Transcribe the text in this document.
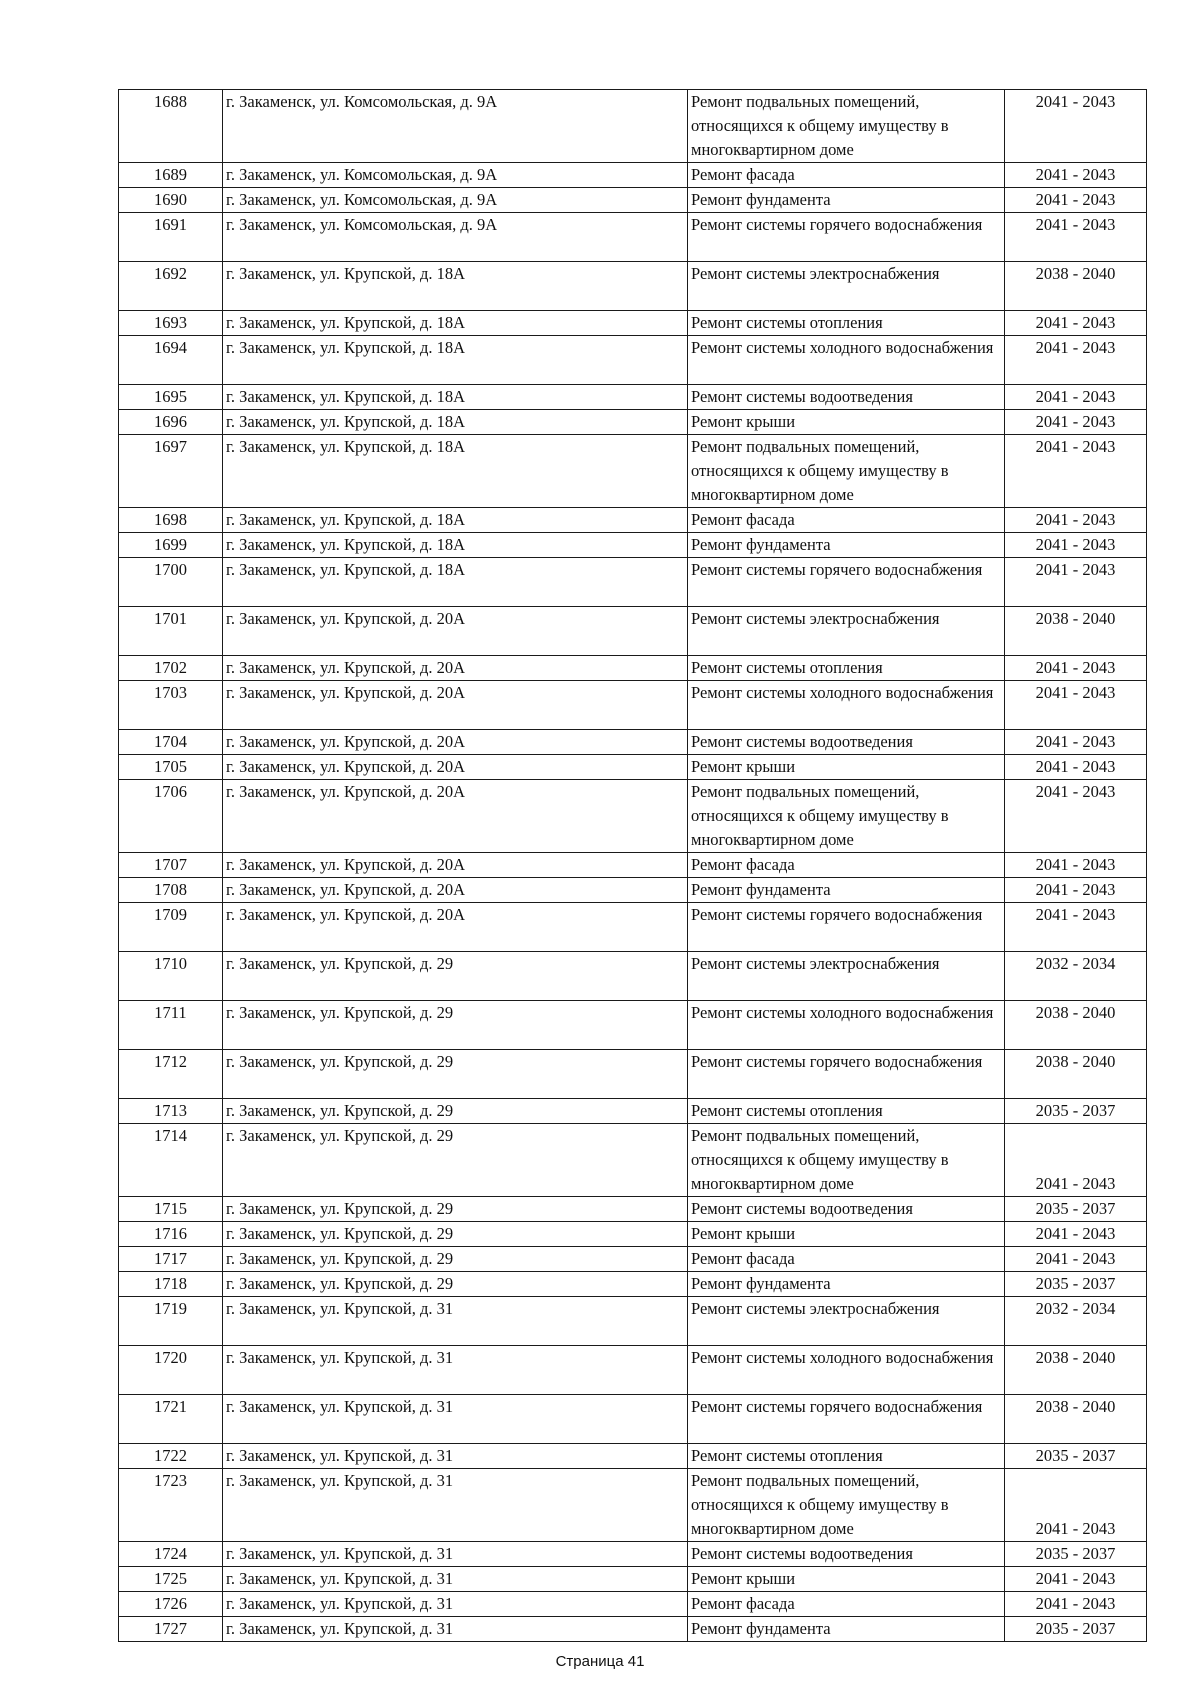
1688	г. Закаменск, ул. Комсомольская, д. 9А	Ремонт подвальных помещений, относящихся к общему имуществу в многоквартирном доме	2041 - 2043
1689	г. Закаменск, ул. Комсомольская, д. 9А	Ремонт фасада	2041 - 2043
1690	г. Закаменск, ул. Комсомольская, д. 9А	Ремонт фундамента	2041 - 2043
1691	г. Закаменск, ул. Комсомольская, д. 9А	Ремонт системы горячего водоснабжения	2041 - 2043
1692	г. Закаменск, ул. Крупской, д. 18А	Ремонт системы электроснабжения	2038 - 2040
1693	г. Закаменск, ул. Крупской, д. 18А	Ремонт системы отопления	2041 - 2043
1694	г. Закаменск, ул. Крупской, д. 18А	Ремонт системы холодного водоснабжения	2041 - 2043
1695	г. Закаменск, ул. Крупской, д. 18А	Ремонт системы водоотведения	2041 - 2043
1696	г. Закаменск, ул. Крупской, д. 18А	Ремонт крыши	2041 - 2043
1697	г. Закаменск, ул. Крупской, д. 18А	Ремонт подвальных помещений, относящихся к общему имуществу в многоквартирном доме	2041 - 2043
1698	г. Закаменск, ул. Крупской, д. 18А	Ремонт фасада	2041 - 2043
1699	г. Закаменск, ул. Крупской, д. 18А	Ремонт фундамента	2041 - 2043
1700	г. Закаменск, ул. Крупской, д. 18А	Ремонт системы горячего водоснабжения	2041 - 2043
1701	г. Закаменск, ул. Крупской, д. 20А	Ремонт системы электроснабжения	2038 - 2040
1702	г. Закаменск, ул. Крупской, д. 20А	Ремонт системы отопления	2041 - 2043
1703	г. Закаменск, ул. Крупской, д. 20А	Ремонт системы холодного водоснабжения	2041 - 2043
1704	г. Закаменск, ул. Крупской, д. 20А	Ремонт системы водоотведения	2041 - 2043
1705	г. Закаменск, ул. Крупской, д. 20А	Ремонт крыши	2041 - 2043
1706	г. Закаменск, ул. Крупской, д. 20А	Ремонт подвальных помещений, относящихся к общему имуществу в многоквартирном доме	2041 - 2043
1707	г. Закаменск, ул. Крупской, д. 20А	Ремонт фасада	2041 - 2043
1708	г. Закаменск, ул. Крупской, д. 20А	Ремонт фундамента	2041 - 2043
1709	г. Закаменск, ул. Крупской, д. 20А	Ремонт системы горячего водоснабжения	2041 - 2043
1710	г. Закаменск, ул. Крупской, д. 29	Ремонт системы электроснабжения	2032 - 2034
1711	г. Закаменск, ул. Крупской, д. 29	Ремонт системы холодного водоснабжения	2038 - 2040
1712	г. Закаменск, ул. Крупской, д. 29	Ремонт системы горячего водоснабжения	2038 - 2040
1713	г. Закаменск, ул. Крупской, д. 29	Ремонт системы отопления	2035 - 2037
1714	г. Закаменск, ул. Крупской, д. 29	Ремонт подвальных помещений, относящихся к общему имуществу в многоквартирном доме	2041 - 2043
1715	г. Закаменск, ул. Крупской, д. 29	Ремонт системы водоотведения	2035 - 2037
1716	г. Закаменск, ул. Крупской, д. 29	Ремонт крыши	2041 - 2043
1717	г. Закаменск, ул. Крупской, д. 29	Ремонт фасада	2041 - 2043
1718	г. Закаменск, ул. Крупской, д. 29	Ремонт фундамента	2035 - 2037
1719	г. Закаменск, ул. Крупской, д. 31	Ремонт системы электроснабжения	2032 - 2034
1720	г. Закаменск, ул. Крупской, д. 31	Ремонт системы холодного водоснабжения	2038 - 2040
1721	г. Закаменск, ул. Крупской, д. 31	Ремонт системы горячего водоснабжения	2038 - 2040
1722	г. Закаменск, ул. Крупской, д. 31	Ремонт системы отопления	2035 - 2037
1723	г. Закаменск, ул. Крупской, д. 31	Ремонт подвальных помещений, относящихся к общему имуществу в многоквартирном доме	2041 - 2043
1724	г. Закаменск, ул. Крупской, д. 31	Ремонт системы водоотведения	2035 - 2037
1725	г. Закаменск, ул. Крупской, д. 31	Ремонт крыши	2041 - 2043
1726	г. Закаменск, ул. Крупской, д. 31	Ремонт фасада	2041 - 2043
1727	г. Закаменск, ул. Крупской, д. 31	Ремонт фундамента	2035 - 2037
Страница 41
